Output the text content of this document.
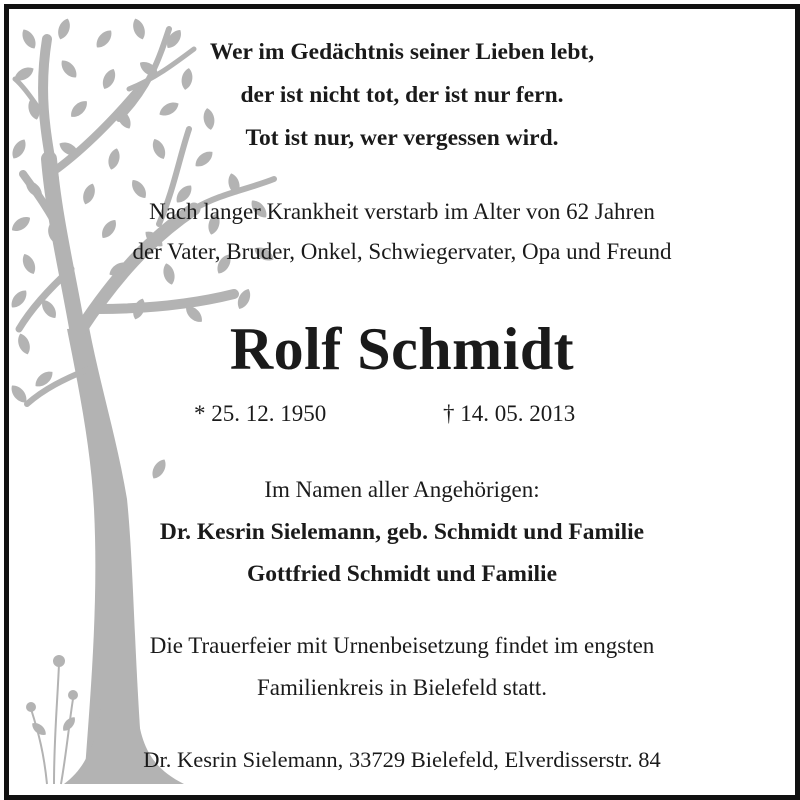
Wer im Gedächtnis seiner Lieben lebt,
der ist nicht tot, der ist nur fern.
Tot ist nur, wer vergessen wird.
Nach langer Krankheit verstarb im Alter von 62 Jahren
der Vater, Bruder, Onkel, Schwiegervater, Opa und Freund
Rolf Schmidt
* 25. 12. 1950	† 14. 05. 2013
Im Namen aller Angehörigen:
Dr. Kesrin Sielemann, geb. Schmidt und Familie
Gottfried Schmidt und Familie
Die Trauerfeier mit Urnenbeisetzung findet im engsten
Familienkreis in Bielefeld statt.
Dr. Kesrin Sielemann, 33729 Bielefeld, Elverdisserstr. 84
